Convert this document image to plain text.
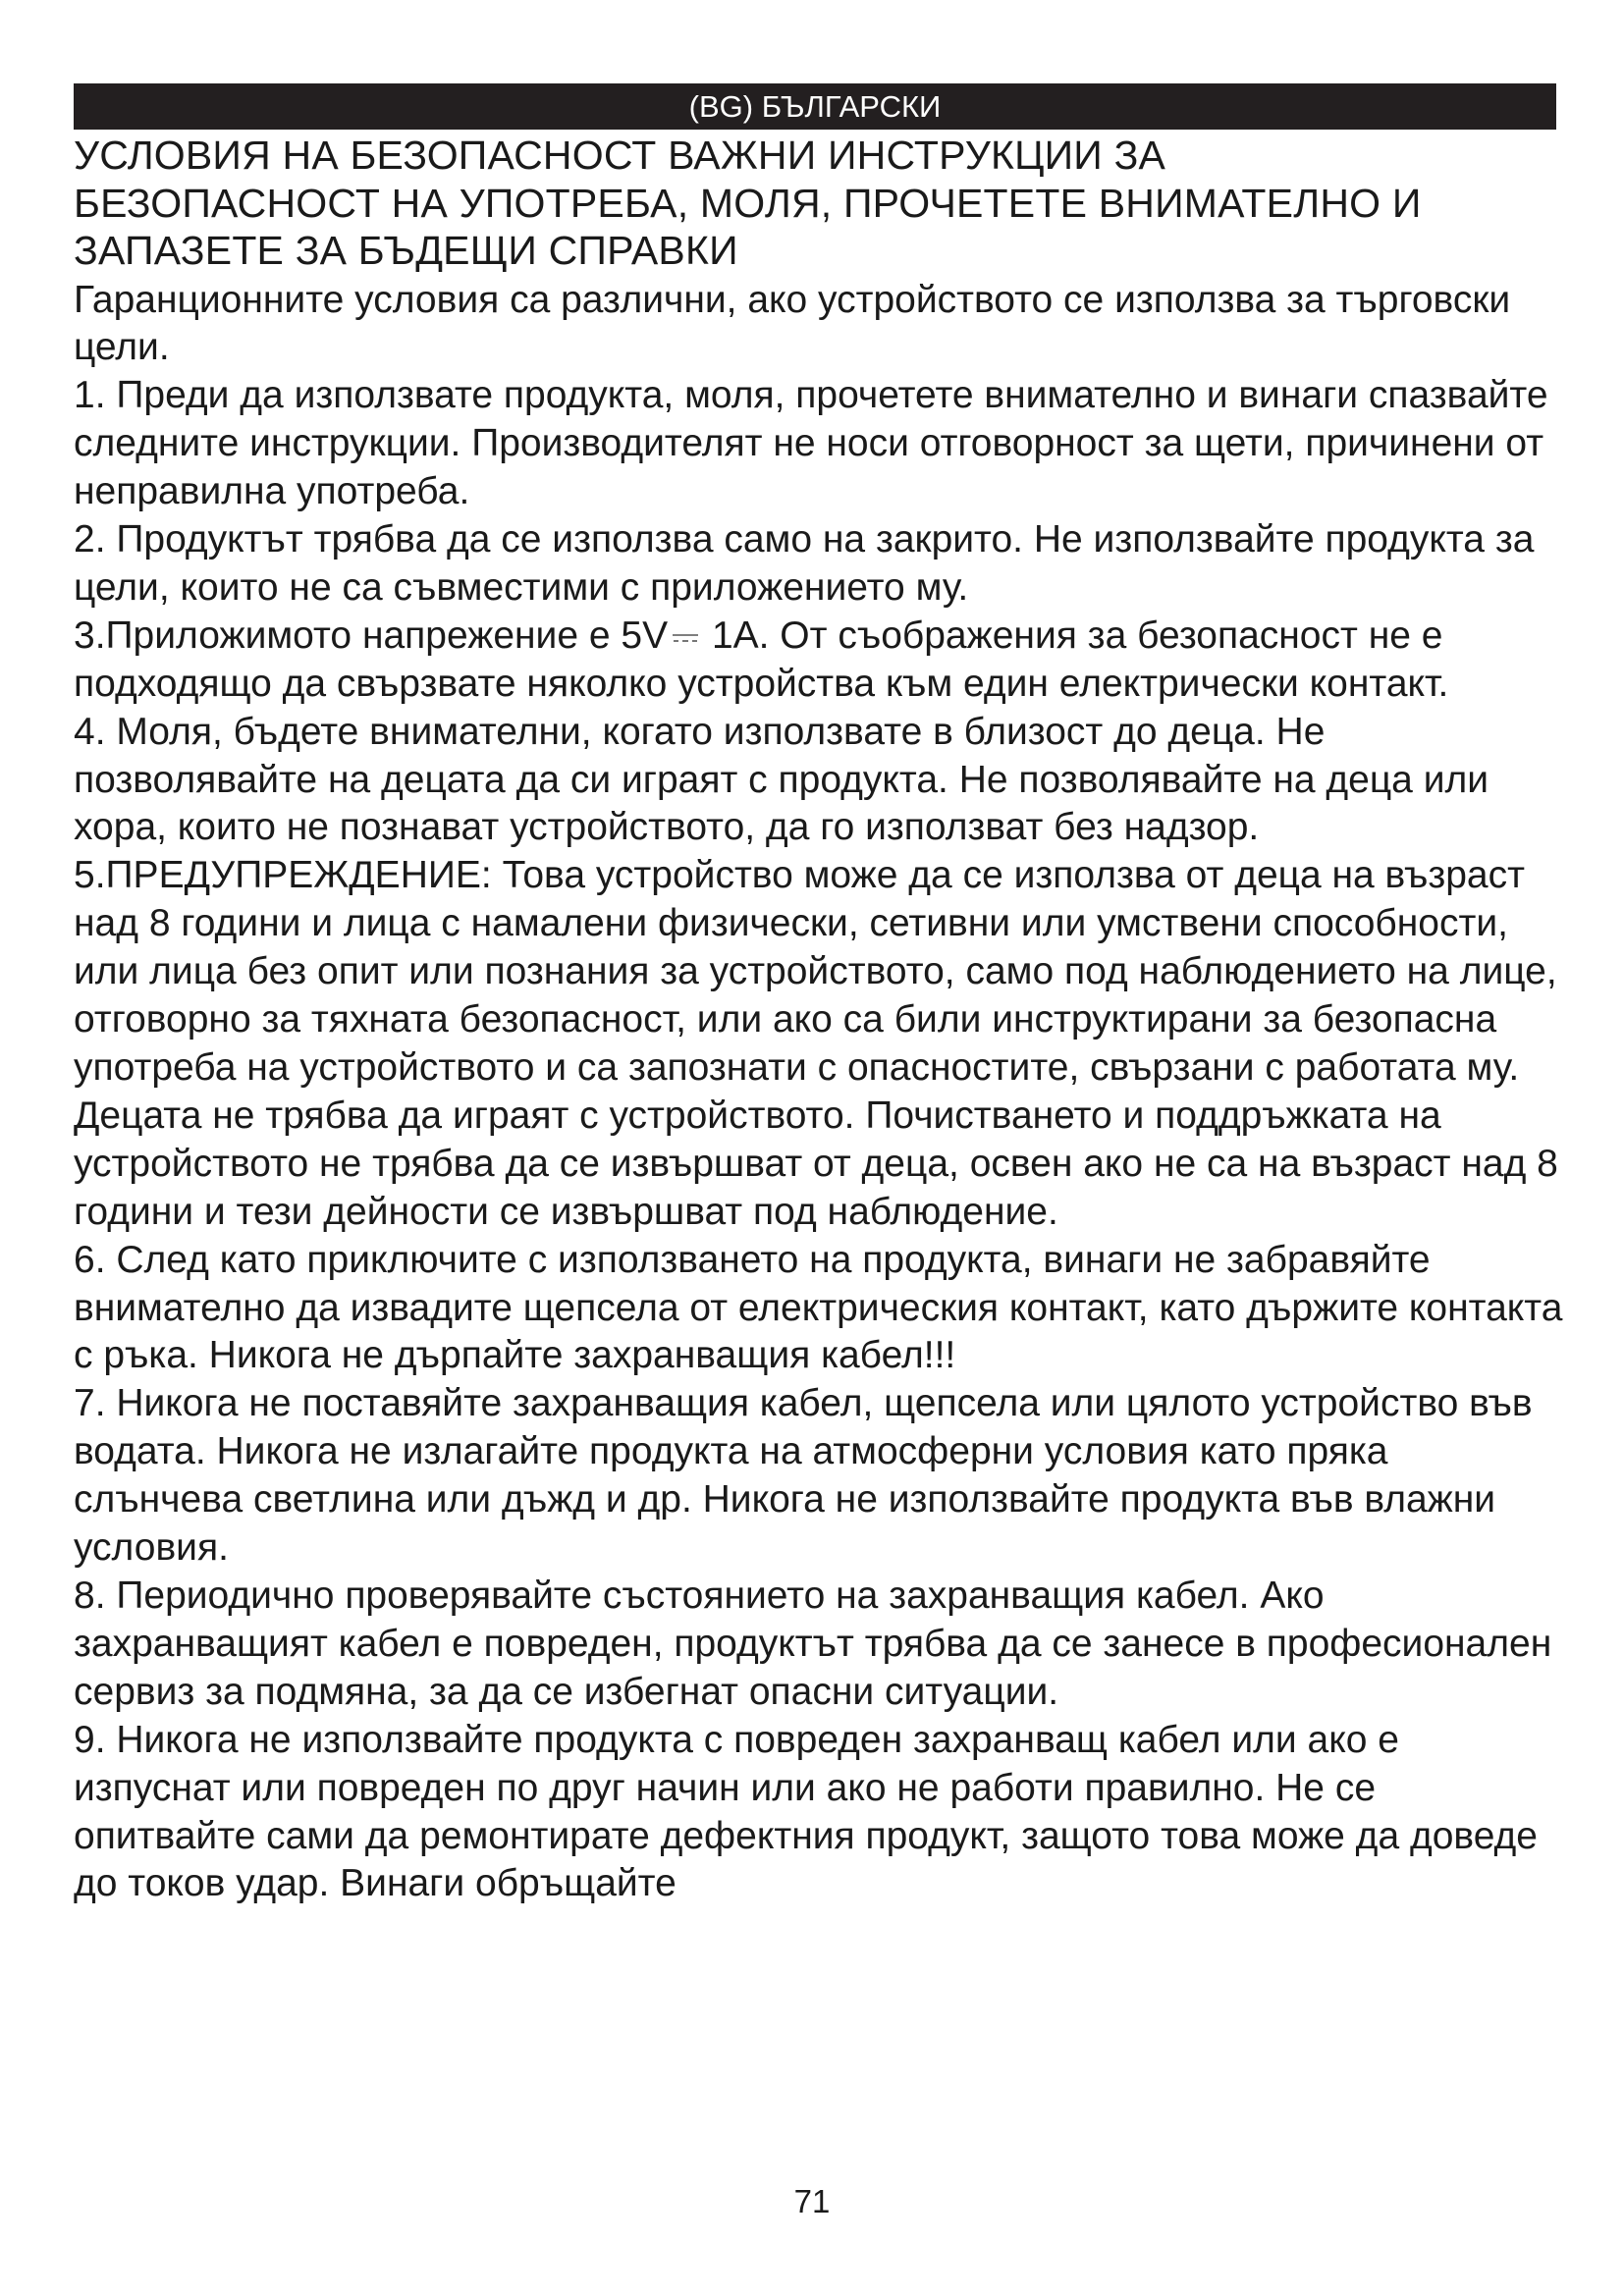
(BG) БЪЛГАРСКИ
УСЛОВИЯ НА БЕЗОПАСНОСТ ВАЖНИ ИНСТРУКЦИИ ЗА
БЕЗОПАСНОСТ НА УПОТРЕБА, МОЛЯ, ПРОЧЕТЕТЕ ВНИМАТЕЛНО И
ЗАПАЗЕТЕ ЗА БЪДЕЩИ СПРАВКИ

Гаранционните условия са различни, ако устройството се използва за търговски цели.

1. Преди да използвате продукта, моля, прочетете внимателно и винаги спазвайте следните инструкции. Производителят не носи отговорност за щети, причинени от неправилна употреба.

2. Продуктът трябва да се използва само на закрито. Не използвайте продукта за цели, които не са съвместими с приложението му.

3.Приложимото напрежение е 5V 1A. От съображения за безопасност не е подходящо да свързвате няколко устройства към един електрически контакт.

4. Моля, бъдете внимателни, когато използвате в близост до деца. Не позволявайте на децата да си играят с продукта. Не позволявайте на деца или хора, които не познават устройството, да го използват без надзор.

5.ПРЕДУПРЕЖДЕНИЕ: Това устройство може да се използва от деца на възраст над 8 години и лица с намалени физически, сетивни или умствени способности, или лица без опит или познания за устройството, само под наблюдението на лице, отговорно за тяхната безопасност, или ако са били инструктирани за безопасна употреба на устройството и са запознати с опасностите, свързани с работата му. Децата не трябва да играят с устройството. Почистването и поддръжката на устройството не трябва да се извършват от деца, освен ако не са на възраст над 8 години и тези дейности се извършват под наблюдение.

6. След като приключите с използването на продукта, винаги не забравяйте внимателно да извадите щепсела от електрическия контакт, като държите контакта с ръка. Никога не дърпайте захранващия кабел!!!

7. Никога не поставяйте захранващия кабел, щепсела или цялото устройство във водата. Никога не излагайте продукта на атмосферни условия като пряка слънчева светлина или дъжд и др. Никога не използвайте продукта във влажни условия.

8. Периодично проверявайте състоянието на захранващия кабел. Ако захранващият кабел е повреден, продуктът трябва да се занесе в професионален сервиз за подмяна, за да се избегнат опасни ситуации.

9. Никога не използвайте продукта с повреден захранващ кабел или ако е изпуснат или повреден по друг начин или ако не работи правилно. Не се опитвайте сами да ремонтирате дефектния продукт, защото това може да доведе до токов удар. Винаги обръщайте

71
